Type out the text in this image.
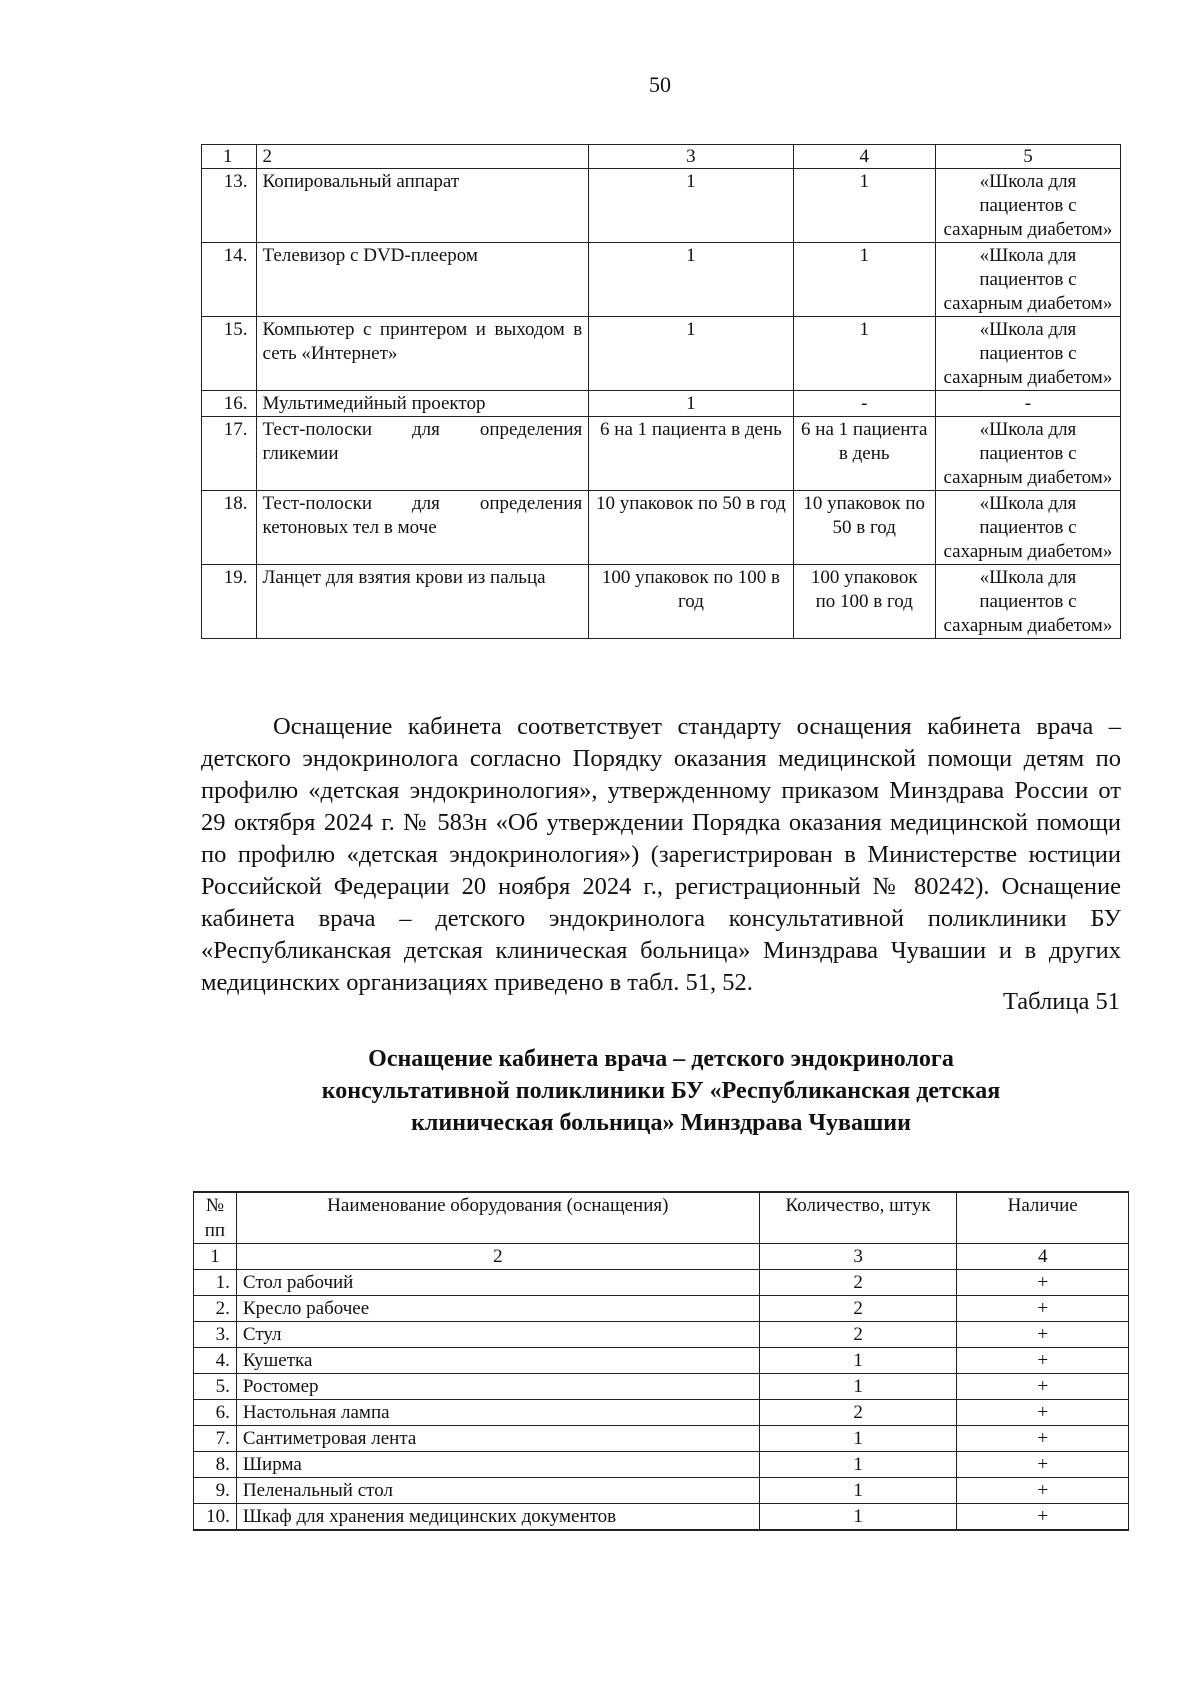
50
1	2	3	4	5
13.	Копировальный аппарат	1	1	«Школа для пациентов с сахарным диабетом»
14.	Телевизор с DVD-плеером	1	1	«Школа для пациентов с сахарным диабетом»
15.	Компьютер с принтером и выходом в сеть «Интернет»	1	1	«Школа для пациентов с сахарным диабетом»
16.	Мультимедийный проектор	1	-	-
17.	Тест-полоски для определения гликемии	6 на 1 пациента в день	6 на 1 пациента в день	«Школа для пациентов с сахарным диабетом»
18.	Тест-полоски для определения кетоновых тел в моче	10 упаковок по 50 в год	10 упаковок по 50 в год	«Школа для пациентов с сахарным диабетом»
19.	Ланцет для взятия крови из пальца	100 упаковок по 100 в год	100 упаковок по 100 в год	«Школа для пациентов с сахарным диабетом»

Оснащение кабинета соответствует стандарту оснащения кабинета врача – детского эндокринолога согласно Порядку оказания медицинской помощи детям по профилю «детская эндокринология», утвержденному приказом Минздрава России от 29 октября 2024 г. № 583н «Об утверждении Порядка оказания медицинской помощи по профилю «детская эндокринология») (зарегистрирован в Министерстве юстиции Российской Федерации 20 ноября 2024 г., регистрационный № 80242). Оснащение кабинета врача – детского эндокринолога консультативной поликлиники БУ «Республиканская детская клиническая больница» Минздрава Чувашии и в других медицинских организациях приведено в табл. 51, 52.

Таблица 51
Оснащение кабинета врача – детского эндокринолога
консультативной поликлиники БУ «Республиканская детская
клиническая больница» Минздрава Чувашии
№ пп	Наименование оборудования (оснащения)	Количество, штук	Наличие
1	2	3	4
1.	Стол рабочий	2	+
2.	Кресло рабочее	2	+
3.	Стул	2	+
4.	Кушетка	1	+
5.	Ростомер	1	+
6.	Настольная лампа	2	+
7.	Сантиметровая лента	1	+
8.	Ширма	1	+
9.	Пеленальный стол	1	+
10.	Шкаф для хранения медицинских документов	1	+
